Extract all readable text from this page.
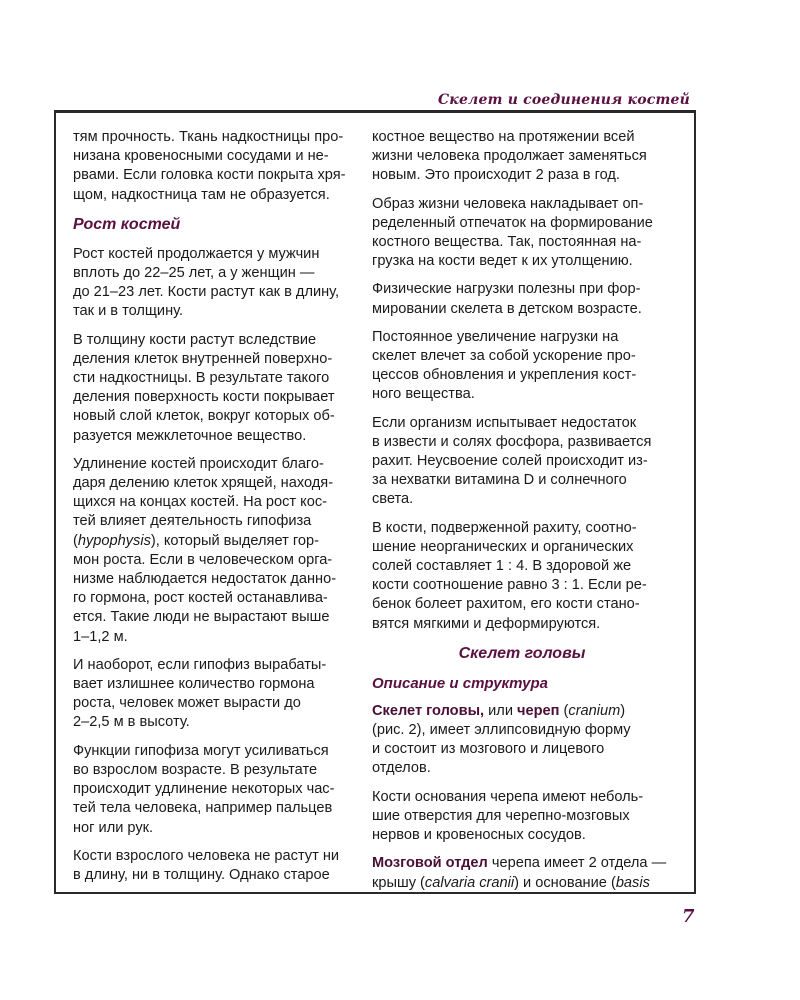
Скелет и соединения костей

тям прочность. Ткань надкостницы про-
низана кровеносными сосудами и не-
рвами. Если головка кости покрыта хря-
щом, надкостница там не образуется.

Рост костей

Рост костей продолжается у мужчин
вплоть до 22–25 лет, а у женщин —
до 21–23 лет. Кости растут как в длину,
так и в толщину.

В толщину кости растут вследствие
деления клеток внутренней поверхно-
сти надкостницы. В результате такого
деления поверхность кости покрывает
новый слой клеток, вокруг которых об-
разуется межклеточное вещество.

Удлинение костей происходит благо-
даря делению клеток хрящей, находя-
щихся на концах костей. На рост кос-
тей влияет деятельность гипофиза
(hypophysis), который выделяет гор-
мон роста. Если в человеческом орга-
низме наблюдается недостаток данно-
го гормона, рост костей останавлива-
ется. Такие люди не вырастают выше
1–1,2 м.

И наоборот, если гипофиз вырабаты-
вает излишнее количество гормона
роста, человек может вырасти до
2–2,5 м в высоту.

Функции гипофиза могут усиливаться
во взрослом возрасте. В результате
происходит удлинение некоторых час-
тей тела человека, например пальцев
ног или рук.

Кости взрослого человека не растут ни
в длину, ни в толщину. Однако старое

костное вещество на протяжении всей
жизни человека продолжает заменяться
новым. Это происходит 2 раза в год.

Образ жизни человека накладывает оп-
ределенный отпечаток на формирование
костного вещества. Так, постоянная на-
грузка на кости ведет к их утолщению.

Физические нагрузки полезны при фор-
мировании скелета в детском возрасте.

Постоянное увеличение нагрузки на
скелет влечет за собой ускорение про-
цессов обновления и укрепления кост-
ного вещества.

Если организм испытывает недостаток
в извести и солях фосфора, развивается
рахит. Неусвоение солей происходит из-
за нехватки витамина D и солнечного
света.

В кости, подверженной рахиту, соотно-
шение неорганических и органических
солей составляет 1 : 4. В здоровой же
кости соотношение равно 3 : 1. Если ре-
бенок болеет рахитом, его кости стано-
вятся мягкими и деформируются.

Скелет головы
Описание и структура

Скелет головы, или череп (cranium)
(рис. 2), имеет эллипсовидную форму
и состоит из мозгового и лицевого
отделов.

Кости основания черепа имеют неболь-
шие отверстия для черепно-мозговых
нервов и кровеносных сосудов.

Мозговой отдел черепа имеет 2 отдела —
крышу (calvaria cranii) и основание (basis

7
